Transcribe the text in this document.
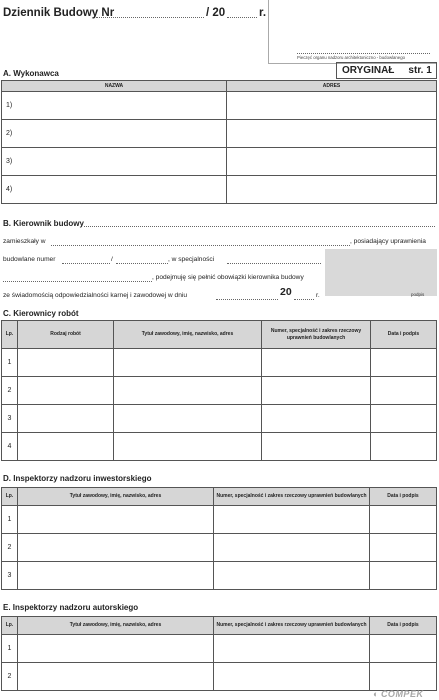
Dziennik Budowy Nr	/ 20	r.
Pieczęć organu nadzoru architektoniczno - budowlanego
ORYGINAŁ str. 1
A. Wykonawca
NAZWA	ADRES
1)	
2)	
3)	
4)	
B. Kierownik budowy
zamieszkały w	, posiadający uprawnienia
budowlane numer	/	, w specjalności
, podejmuję się pełnić obowiązki kierownika budowy
ze świadomością odpowiedzialności karnej i zawodowej w dniu	20	r.	podpis
C. Kierownicy robót
Lp.	Rodzaj robót	Tytuł zawodowy, imię, nazwisko, adres	Numer, specjalność i zakres rzeczowy uprawnień budowlanych	Data i podpis
1				
2				
3				
4				
D. Inspektorzy nadzoru inwestorskiego
Lp.	Tytuł zawodowy, imię, nazwisko, adres	Numer, specjalność i zakres rzeczowy uprawnień budowlanych	Data i podpis
1			
2			
3			
E. Inspektorzy nadzoru autorskiego
Lp.	Tytuł zawodowy, imię, nazwisko, adres	Numer, specjalność i zakres rzeczowy uprawnień budowlanych	Data i podpis
1			
2			
◐ COMPEK
